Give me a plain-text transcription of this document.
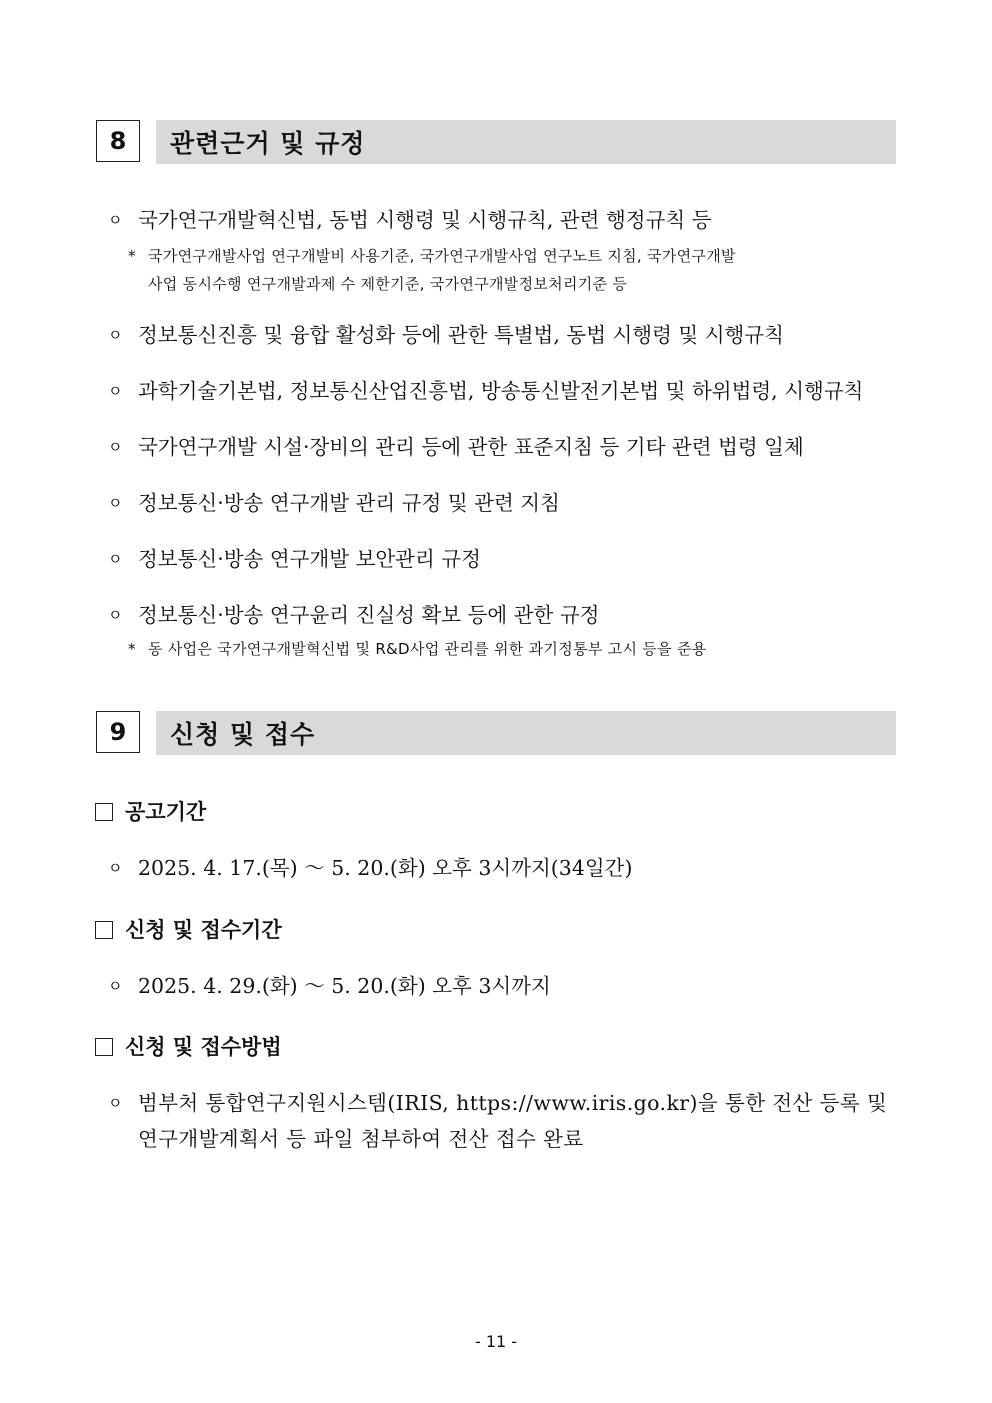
8	관련근거 및 규정
ㅇ 국가연구개발혁신법, 동법 시행령 및 시행규칙, 관련 행정규칙 등
* 국가연구개발사업 연구개발비 사용기준, 국가연구개발사업 연구노트 지침, 국가연구개발
사업 동시수행 연구개발과제 수 제한기준, 국가연구개발정보처리기준 등
ㅇ 정보통신진흥 및 융합 활성화 등에 관한 특별법, 동법 시행령 및 시행규칙
ㅇ 과학기술기본법, 정보통신산업진흥법, 방송통신발전기본법 및 하위법령, 시행규칙
ㅇ 국가연구개발 시설·장비의 관리 등에 관한 표준지침 등 기타 관련 법령 일체
ㅇ 정보통신·방송 연구개발 관리 규정 및 관련 지침
ㅇ 정보통신·방송 연구개발 보안관리 규정
ㅇ 정보통신·방송 연구윤리 진실성 확보 등에 관한 규정
* 동 사업은 국가연구개발혁신법 및 R&D사업 관리를 위한 과기정통부 고시 등을 준용
9	신청 및 접수
공고기간
ㅇ 2025. 4. 17.(목) ～ 5. 20.(화) 오후 3시까지(34일간)
신청 및 접수기간
ㅇ 2025. 4. 29.(화) ～ 5. 20.(화) 오후 3시까지
신청 및 접수방법
ㅇ 범부처 통합연구지원시스템(IRIS, https://www.iris.go.kr)을 통한 전산 등록 및 연구개발계획서 등 파일 첨부하여 전산 접수 완료
- 11 -
